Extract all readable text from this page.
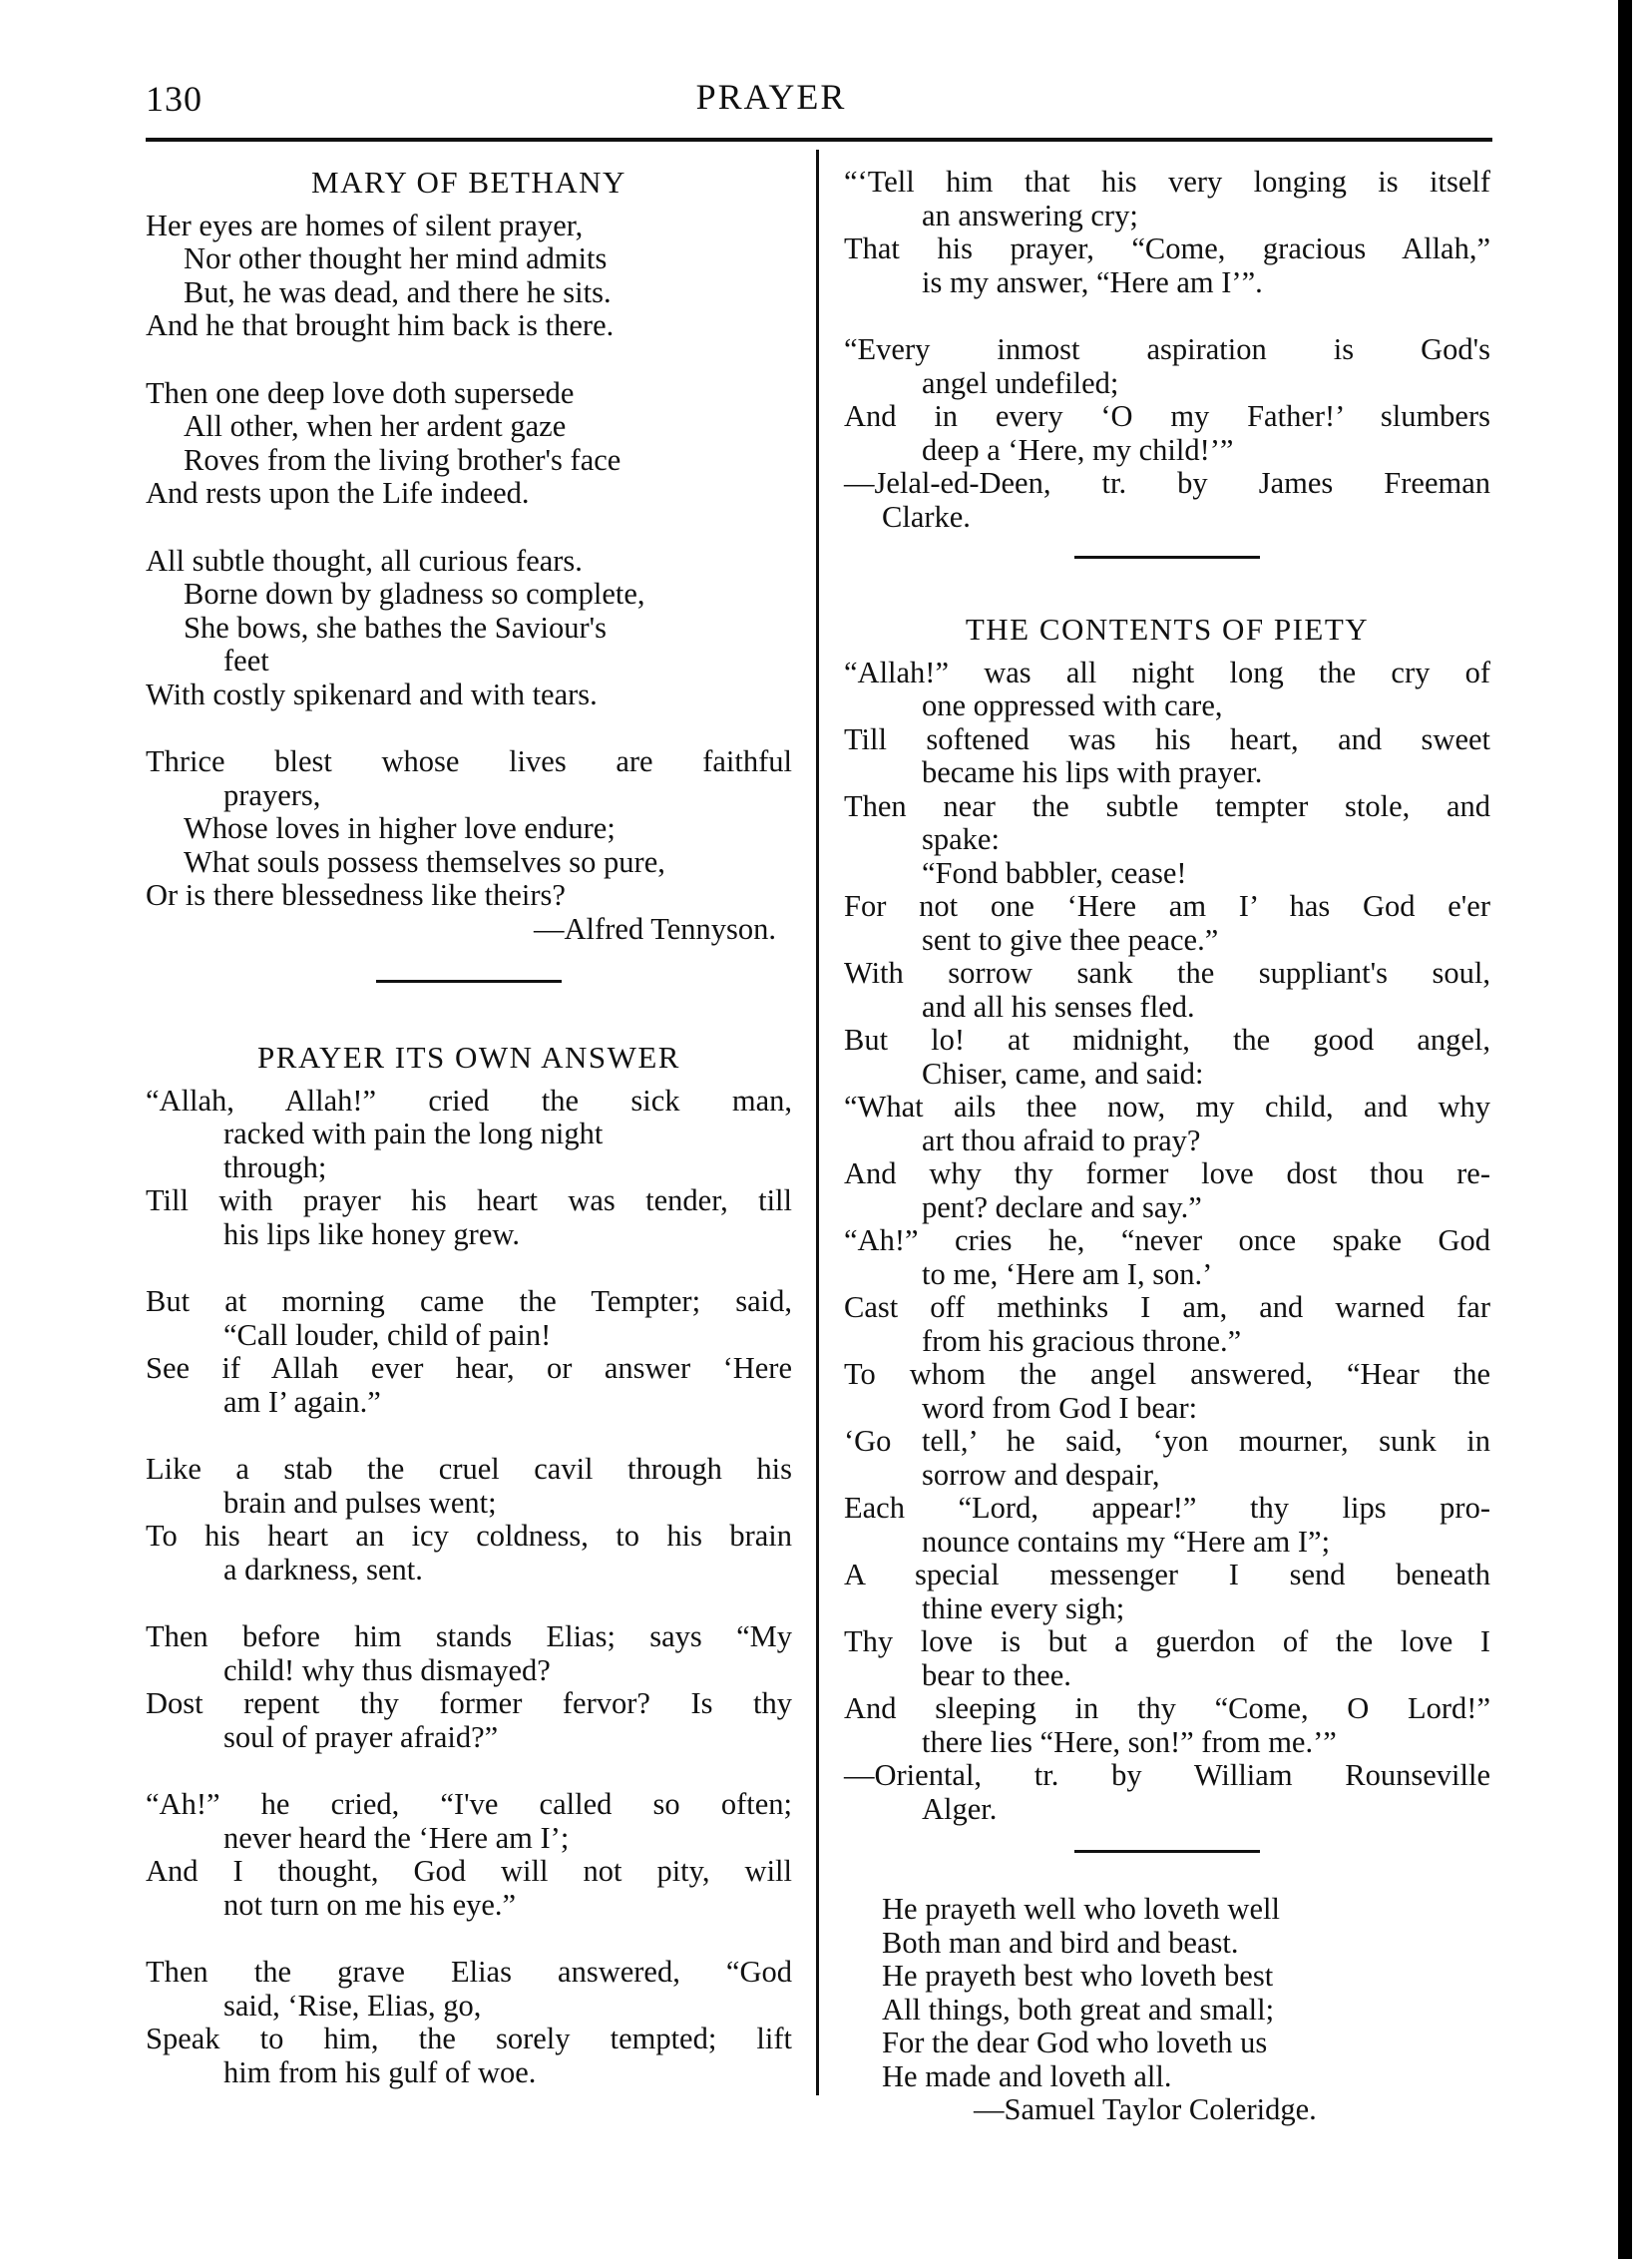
130	PRAYER
MARY OF BETHANY
Her eyes are homes of silent prayer,
Nor other thought her mind admits
But, he was dead, and there he sits.
And he that brought him back is there.
Then one deep love doth supersede
All other, when her ardent gaze
Roves from the living brother's face
And rests upon the Life indeed.
All subtle thought, all curious fears.
Borne down by gladness so complete,
She bows, she bathes the Saviour's
feet
With costly spikenard and with tears.
Thrice blest whose lives are faithful
prayers,
Whose loves in higher love endure;
What souls possess themselves so pure,
Or is there blessedness like theirs?
—Alfred Tennyson.
PRAYER ITS OWN ANSWER
“Allah, Allah!” cried the sick man,
racked with pain the long night
through;
Till with prayer his heart was tender, till
his lips like honey grew.
But at morning came the Tempter; said,
“Call louder, child of pain!
See if Allah ever hear, or answer ‘Here
am I’ again.”
Like a stab the cruel cavil through his
brain and pulses went;
To his heart an icy coldness, to his brain
a darkness, sent.
Then before him stands Elias; says “My
child! why thus dismayed?
Dost repent thy former fervor? Is thy
soul of prayer afraid?”
“Ah!” he cried, “I've called so often;
never heard the ‘Here am I’;
And I thought, God will not pity, will
not turn on me his eye.”
Then the grave Elias answered, “God
said, ‘Rise, Elias, go,
Speak to him, the sorely tempted; lift
him from his gulf of woe.
“‘Tell him that his very longing is itself
an answering cry;
That his prayer, “Come, gracious Allah,”
is my answer, “Here am I’”.
“Every inmost aspiration is God's
angel undefiled;
And in every ‘O my Father!’ slumbers
deep a ‘Here, my child!’”
—Jelal-ed-Deen, tr. by James Freeman
Clarke.
THE CONTENTS OF PIETY
“Allah!” was all night long the cry of
one oppressed with care,
Till softened was his heart, and sweet
became his lips with prayer.
Then near the subtle tempter stole, and
spake:
“Fond babbler, cease!
For not one ‘Here am I’ has God e'er
sent to give thee peace.”
With sorrow sank the suppliant's soul,
and all his senses fled.
But lo! at midnight, the good angel,
Chiser, came, and said:
“What ails thee now, my child, and why
art thou afraid to pray?
And why thy former love dost thou re-
pent? declare and say.”
“Ah!” cries he, “never once spake God
to me, ‘Here am I, son.’
Cast off methinks I am, and warned far
from his gracious throne.”
To whom the angel answered, “Hear the
word from God I bear:
‘Go tell,’ he said, ‘yon mourner, sunk in
sorrow and despair,
Each “Lord, appear!” thy lips pro-
nounce contains my “Here am I”;
A special messenger I send beneath
thine every sigh;
Thy love is but a guerdon of the love I
bear to thee.
And sleeping in thy “Come, O Lord!”
there lies “Here, son!” from me.’”
—Oriental, tr. by William Rounseville
Alger.
He prayeth well who loveth well
Both man and bird and beast.
He prayeth best who loveth best
All things, both great and small;
For the dear God who loveth us
He made and loveth all.
—Samuel Taylor Coleridge.
